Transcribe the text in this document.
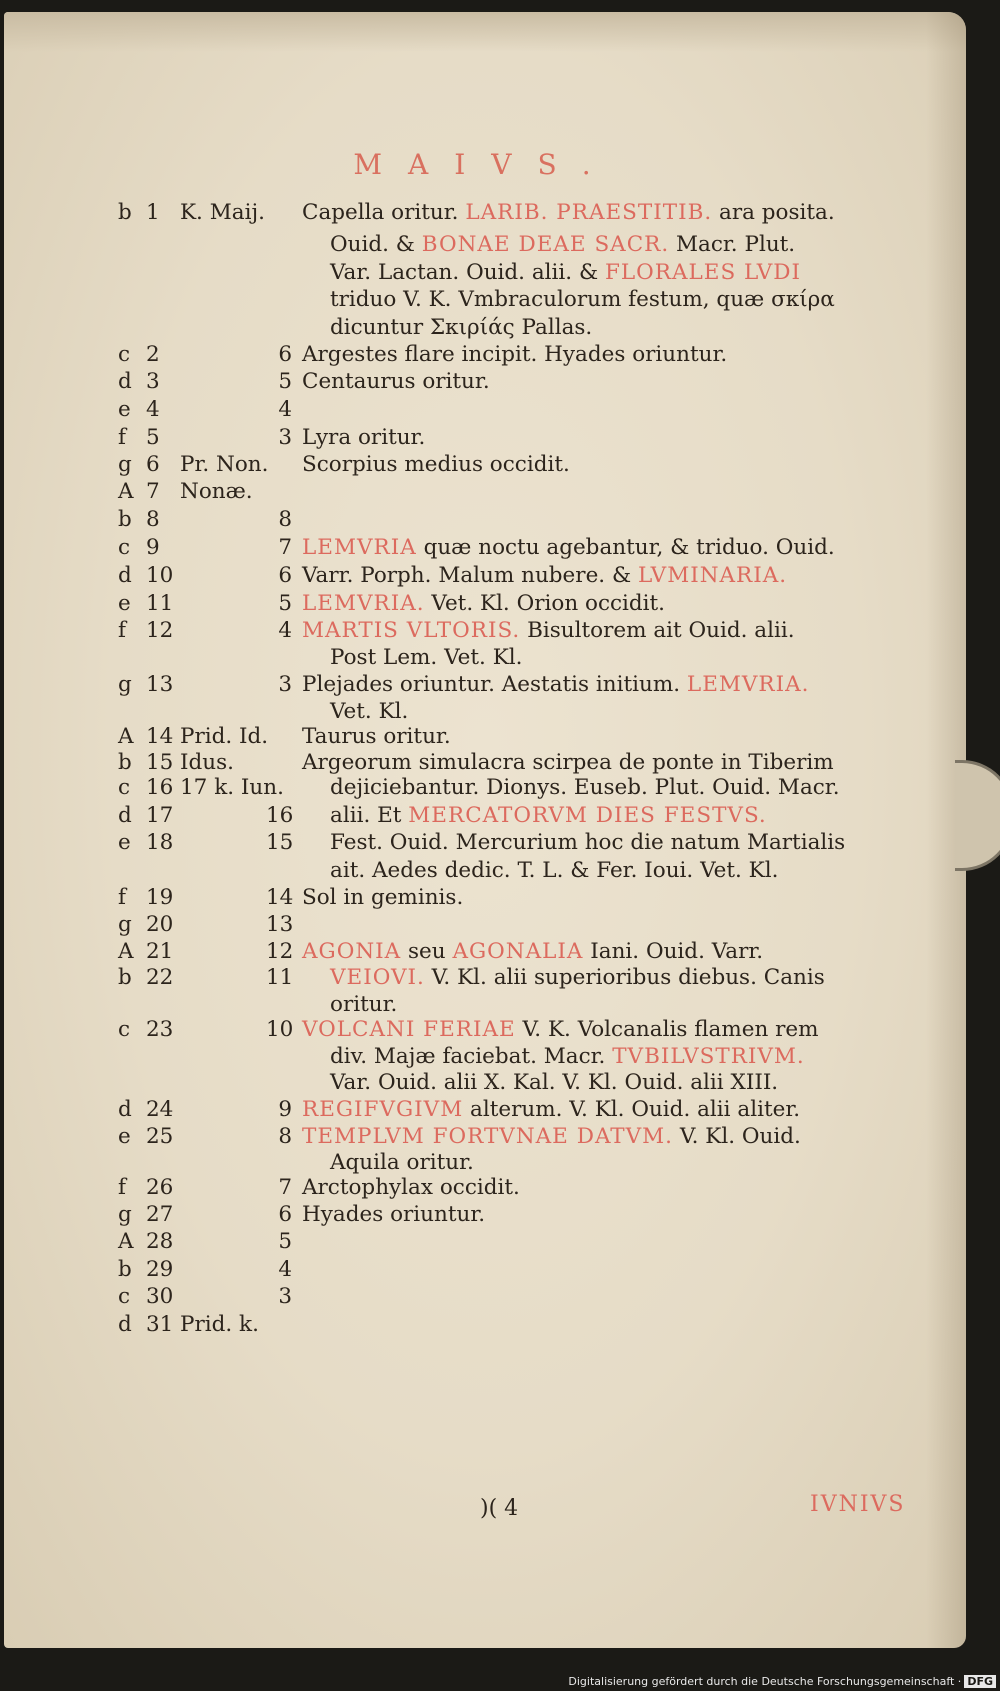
MAIVS.
b 1 K. Maij.	Capella oritur. LARIB. PRAESTITIB. ara posita.
Ouid. & BONAE DEAE SACR. Macr. Plut.
Var. Lactan. Ouid. alii. & FLORALES LVDI
triduo V. K. Vmbraculorum festum, quæ σκίρα
dicuntur Σκιρίάς Pallas.
c 2	6 Argestes flare incipit. Hyades oriuntur.
d 3	5 Centaurus oritur.
e 4	4
f 5	3 Lyra oritur.
g 6 Pr. Non.	Scorpius medius occidit.
A 7 Nonæ.
b 8	8
c 9	7 LEMVRIA quæ noctu agebantur, & triduo. Ouid.
d 10	6 Varr. Porph. Malum nubere. & LVMINARIA.
e 11	5 LEMVRIA. Vet. Kl. Orion occidit.
f 12	4 MARTIS VLTORIS. Bisultorem ait Ouid. alii.
Post Lem. Vet. Kl.
g 13	3 Plejades oriuntur. Aestatis initium. LEMVRIA.
Vet. Kl.
A 14 Prid. Id.	Taurus oritur.
b 15 Idus.	Argeorum simulacra scirpea de ponte in Tiberim
c 16 17 k. Iun. dejiciebantur. Dionys. Euseb. Plut. Ouid. Macr.
d 17	16 alii. Et MERCATORVM DIES FESTVS.
e 18	15 Fest. Ouid. Mercurium hoc die natum Martialis
ait. Aedes dedic. T. L. & Fer. Ioui. Vet. Kl.
f 19	14 Sol in geminis.
g 20	13
A 21	12 AGONIA seu AGONALIA Iani. Ouid. Varr.
b 22	11 VEIOVI. V. Kl. alii superioribus diebus. Canis
oritur.
c 23	10 VOLCANI FERIAE V. K. Volcanalis flamen rem
div. Majæ faciebat. Macr. TVBILVSTRIVM.
Var. Ouid. alii X. Kal. V. Kl. Ouid. alii XIII.
d 24	9 REGIFVGIVM alterum. V. Kl. Ouid. alii aliter.
e 25	8 TEMPLVM FORTVNAE DATVM. V. Kl. Ouid.
Aquila oritur.
f 26	7 Arctophylax occidit.
g 27	6 Hyades oriuntur.
A 28	5
b 29	4
c 30	3
d 31 Prid. k.
)( 4	IVNIVS
Digitalisierung gefördert durch die Deutsche Forschungsgemeinschaft · DFG
